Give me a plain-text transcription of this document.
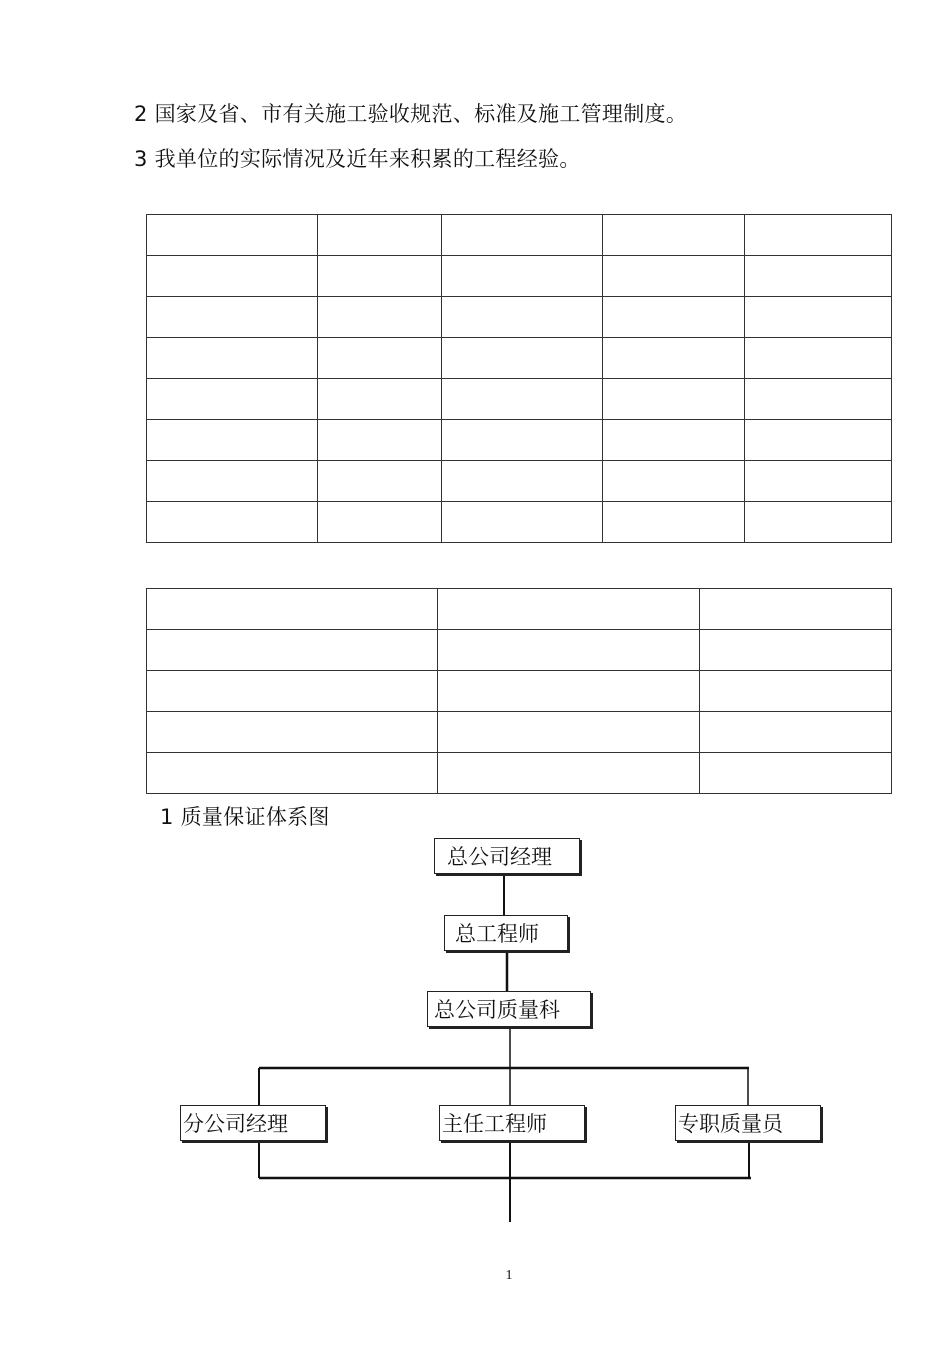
2 国家及省、市有关施工验收规范、标准及施工管理制度。
3 我单位的实际情况及近年来积累的工程经验。

1 质量保证体系图
总公司经理
总工程师
总公司质量科
分公司经理	主任工程师	专职质量员
1
